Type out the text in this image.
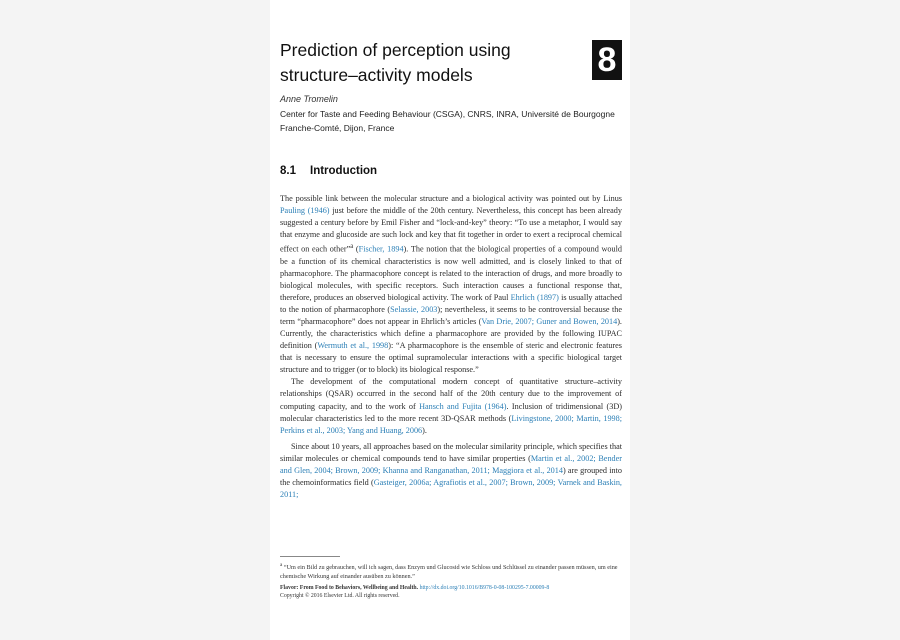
Prediction of perception using
structure–activity models	8
Anne Tromelin
Center for Taste and Feeding Behaviour (CSGA), CNRS, INRA, Université de Bourgogne
Franche-Comté, Dijon, France
8.1 Introduction

The possible link between the molecular structure and a biological activity was pointed out by Linus Pauling (1946) just before the middle of the 20th century. Nevertheless, this concept has been already suggested a century before by Emil Fisher and “lock-and-key” theory: “To use a metaphor, I would say that enzyme and glucoside are such lock and key that fit together in order to exert a reciprocal chemical effect on each other”$^a$ (Fischer, 1894). The notion that the biological properties of a compound would be a function of its chemical characteristics is now well admitted, and is closely linked to that of pharmacophore. The pharmacophore concept is related to the interaction of drugs, and more broadly to biological molecules, with specific receptors. Such interaction causes a functional response that, therefore, produces an observed biological activity. The work of Paul Ehrlich (1897) is usually attached to the notion of pharmacophore (Selassie, 2003); nevertheless, it seems to be controversial because the term “pharmacophore” does not appear in Ehrlich’s articles (Van Drie, 2007; Guner and Bowen, 2014). Currently, the characteristics which define a pharmacophore are provided by the following IUPAC definition (Wermuth et al., 1998): “A pharmacophore is the ensemble of steric and electronic features that is necessary to ensure the optimal supramolecular interactions with a specific biological target structure and to trigger (or to block) its biological response.”

The development of the computational modern concept of quantitative structure–activity relationships (QSAR) occurred in the second half of the 20th century due to the improvement of computing capacity, and to the work of Hansch and Fujita (1964). Inclusion of tridimensional (3D) molecular characteristics led to the more recent 3D-QSAR methods (Livingstone, 2000; Martin, 1998; Perkins et al., 2003; Yang and Huang, 2006).

Since about 10 years, all approaches based on the molecular similarity principle, which specifies that similar molecules or chemical compounds tend to have similar properties (Martin et al., 2002; Bender and Glen, 2004; Brown, 2009; Khanna and Ranganathan, 2011; Maggiora et al., 2014) are grouped into the chemoinformatics field (Gasteiger, 2006a; Agrafiotis et al., 2007; Brown, 2009; Varnek and Baskin, 2011;

$^a$ “Um ein Bild zu gebrauchen, will ich sagen, dass Enzym und Glucosid wie Schloss und Schlüssel zu einander passen müssen, um eine chemische Wirkung auf einander ausüben zu können.”
Flavor: From Food to Behaviors, Wellbeing and Health. http://dx.doi.org/10.1016/B978-0-08-100295-7.00009-8
Copyright © 2016 Elsevier Ltd. All rights reserved.
